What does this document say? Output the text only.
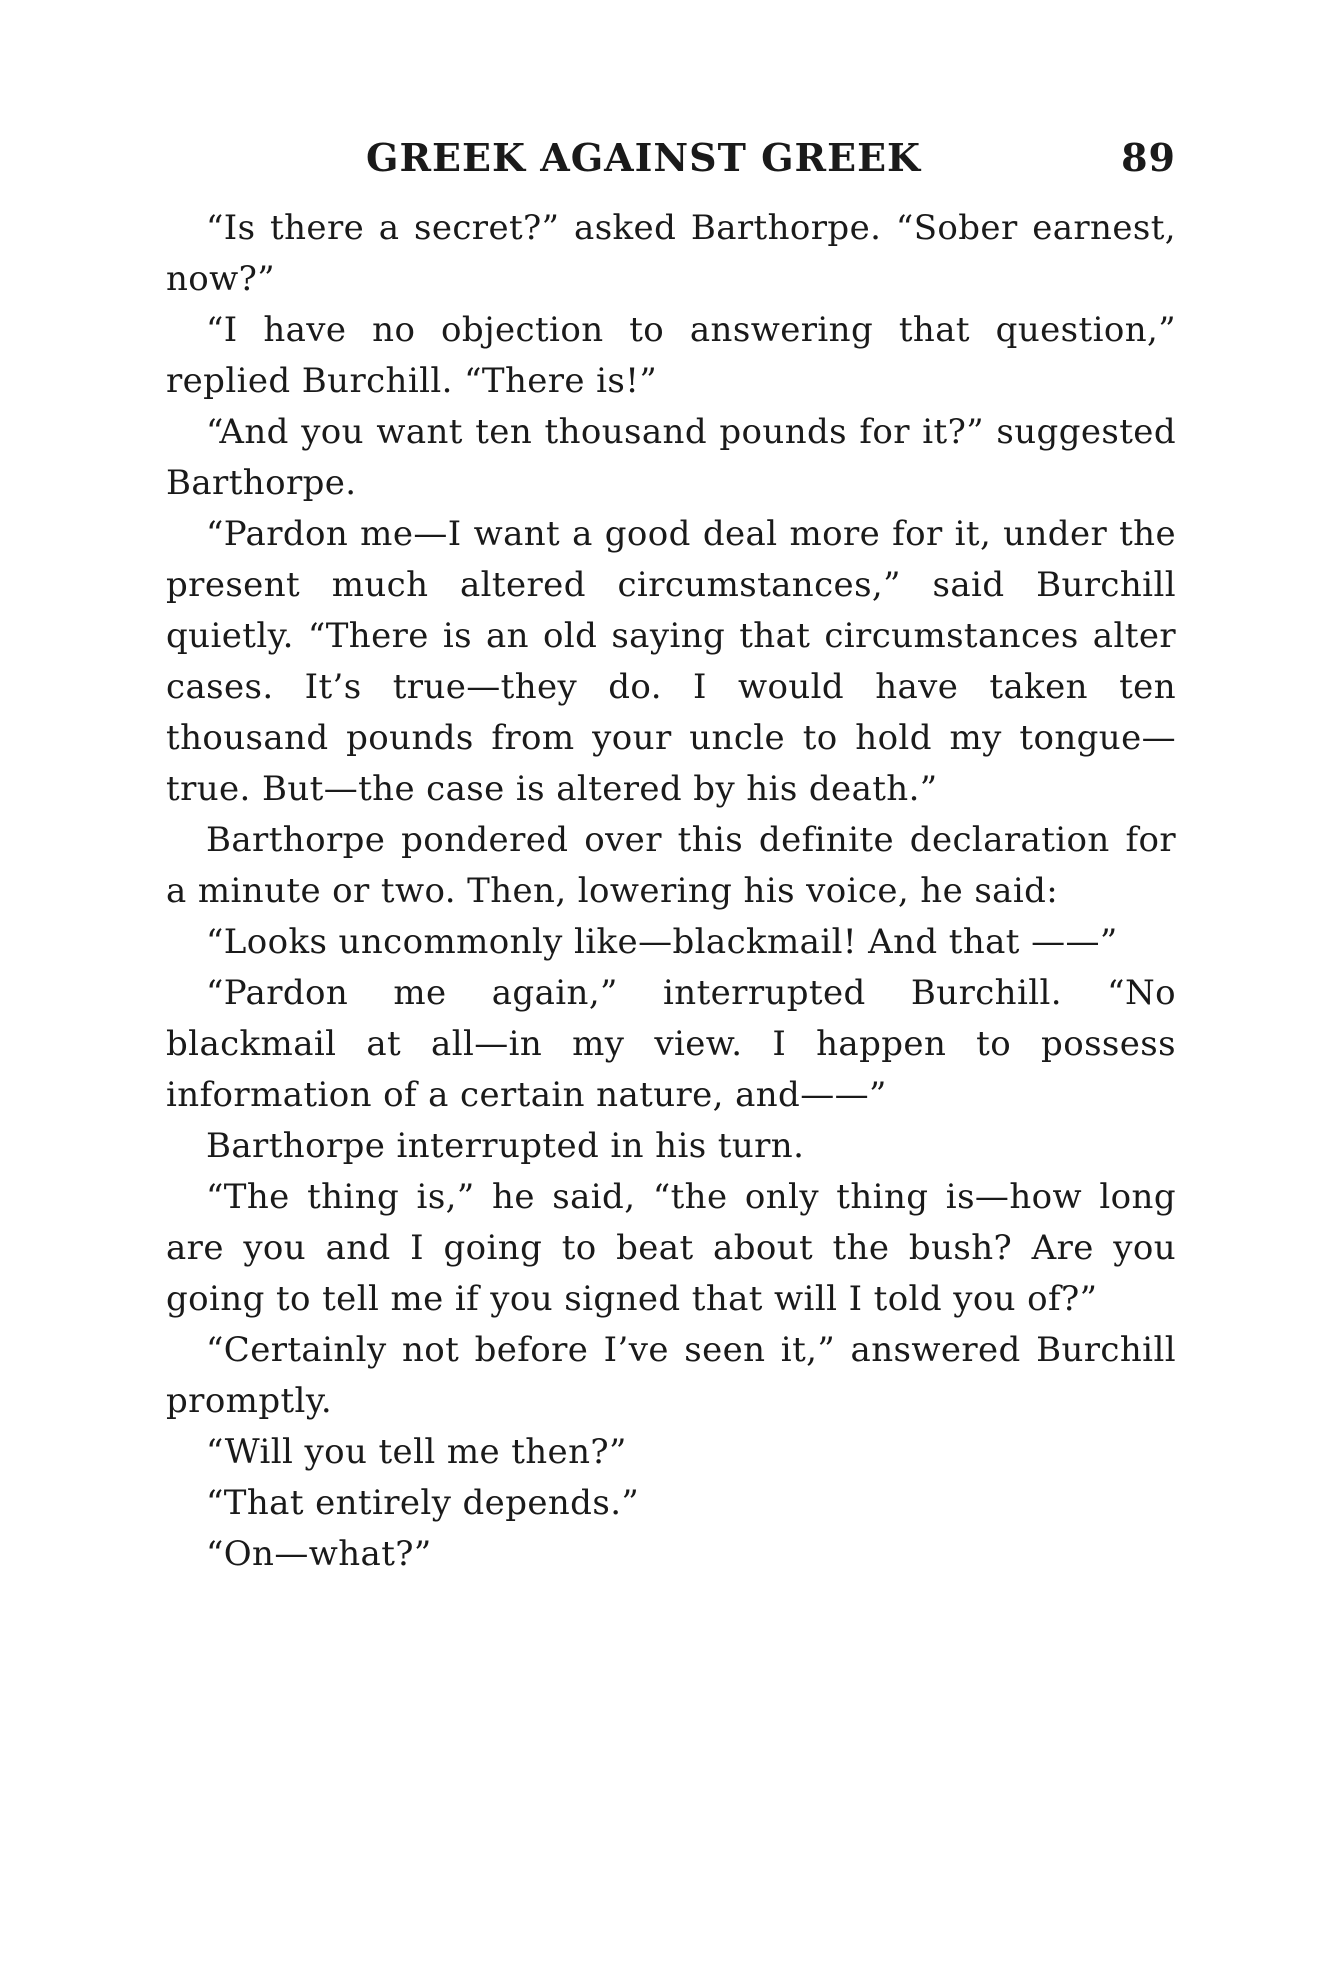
GREEK AGAINST GREEK	89

“Is there a secret?” asked Barthorpe. “Sober earnest, now?”

“I have no objection to answering that question,” replied Burchill. “There is!”

“And you want ten thousand pounds for it?” suggested Barthorpe.

“Pardon me—I want a good deal more for it, under the present much altered circumstances,” said Burchill quietly. “There is an old saying that circumstances alter cases. It’s true—they do. I would have taken ten thousand pounds from your uncle to hold my tongue—true. But—the case is altered by his death.”

Barthorpe pondered over this definite declaration for a minute or two. Then, lowering his voice, he said:

“Looks uncommonly like—blackmail! And that ——”

“Pardon me again,” interrupted Burchill. “No blackmail at all—in my view. I happen to possess information of a certain nature, and——”

Barthorpe interrupted in his turn.

“The thing is,” he said, “the only thing is—how long are you and I going to beat about the bush? Are you going to tell me if you signed that will I told you of?”

“Certainly not before I’ve seen it,” answered Burchill promptly.

“Will you tell me then?”

“That entirely depends.”

“On—what?”
